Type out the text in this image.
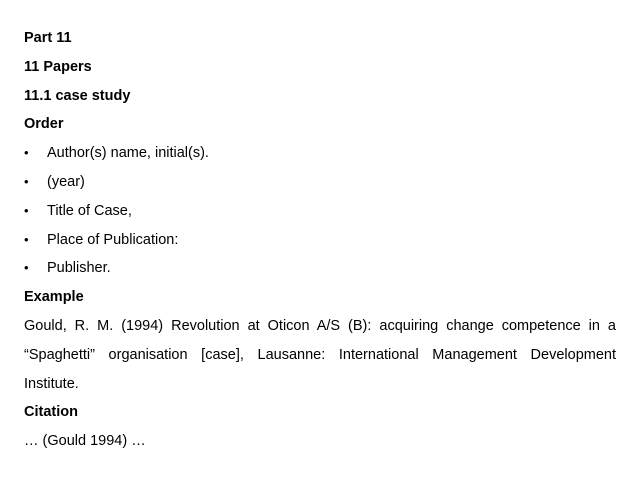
Part 11
11 Papers
11.1 case study
Order
•	Author(s) name, initial(s).
•	(year)
•	Title of Case,
•	Place of Publication:
•	Publisher.
Example
Gould, R. M. (1994) Revolution at Oticon A/S (B): acquiring change competence in a
“Spaghetti” organisation [case], Lausanne: International Management Development
Institute.
Citation
… (Gould 1994) …
